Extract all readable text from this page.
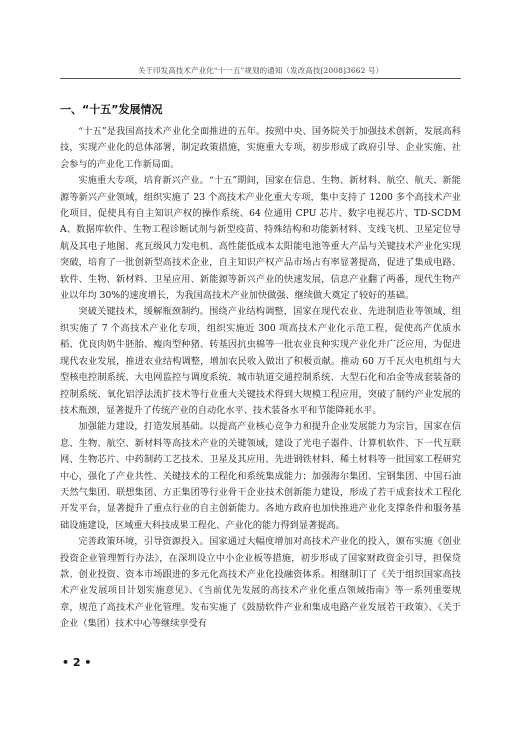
关于印发高技术产业化“十一五”规划的通知（发改高技[2008]3662 号）
一、“十五”发展情况

“十五”是我国高技术产业化全面推进的五年。按照中央、国务院关于加强技术创新，发展高科技，实现产业化的总体部署，制定政策措施，实施重大专项，初步形成了政府引导、企业实施、社会参与的产业化工作新局面。

实施重大专项，培育新兴产业。“十五”期间，国家在信息、生物、新材料、航空、航天、新能源等新兴产业领域，组织实施了 23 个高技术产业化重大专项，集中支持了 1200 多个高技术产业化项目，促使具有自主知识产权的操作系统、64 位通用 CPU 芯片、数字电视芯片、TD-SCDMA、数据库软件、生物工程诊断试剂与新型疫苗、特殊结构和功能新材料、支线飞机、卫星定位导航及其电子地图、兆瓦级风力发电机、高性能低成本太阳能电池等重大产品与关键技术产业化实现突破，培育了一批创新型高技术企业，自主知识产权产品市场占有率显著提高，促进了集成电路、软件、生物、新材料、卫星应用、新能源等新兴产业的快速发展，信息产业翻了两番，现代生物产业以年均 30%的速度增长，为我国高技术产业加快做强、继续做大奠定了较好的基础。

突破关键技术，缓解瓶颈制约。围绕产业结构调整，国家在现代农业、先进制造业等领域，组织实施了 7 个高技术产业化专项，组织实施近 300 项高技术产业化示范工程，促使高产优质水稻、优良肉奶牛胚胎、瘦肉型种猪、转基因抗虫棉等一批农业良种实现产业化并广泛应用，为促进现代农业发展，推进农业结构调整，增加农民收入做出了积极贡献。推动 60 万千瓦火电机组与大型核电控制系统、大电网监控与调度系统、城市轨道交通控制系统、大型石化和冶金等成套装备的控制系统、氧化铝浮法流扩技术等行业重大关键技术得到大规模工程应用，突破了制约产业发展的技术瓶颈，显著提升了传统产业的自动化水平、技术装备水平和节能降耗水平。

加强能力建设，打造发展基础。以提高产业核心竞争力和提升企业发展能力为宗旨，国家在信息、生物、航空、新材料等高技术产业的关键领域，建设了光电子器件、计算机软件、下一代互联网、生物芯片、中药制药工艺技术、卫星及其应用、先进钢铁材料、稀土材料等一批国家工程研究中心，强化了产业共性、关键技术的工程化和系统集成能力；加强海尔集团、宝钢集团、中国石油天然气集团、联想集团、方正集团等行业骨干企业技术创新能力建设，形成了若干成套技术工程化开发平台，显著提升了重点行业的自主创新能力。各地方政府也加快推进产业化支撑条件和服务基础设施建设，区域重大科技成果工程化、产业化的能力得到显著提高。

完善政策环境，引导资源投入。国家通过大幅度增加对高技术产业化的投入，颁布实施《创业投资企业管理暂行办法》，在深圳设立中小企业板等措施，初步形成了国家财政资金引导，担保贷款、创业投资、资本市场跟进的多元化高技术产业化投融资体系。相继制订了《关于组织国家高技术产业发展项目计划实施意见》、《当前优先发展的高技术产业化重点领域指南》等一系列重要规章，规范了高技术产业化管理。发布实施了《鼓励软件产业和集成电路产业发展若干政策》、《关于企业（集团）技术中心等继续享受有

• 2 •
